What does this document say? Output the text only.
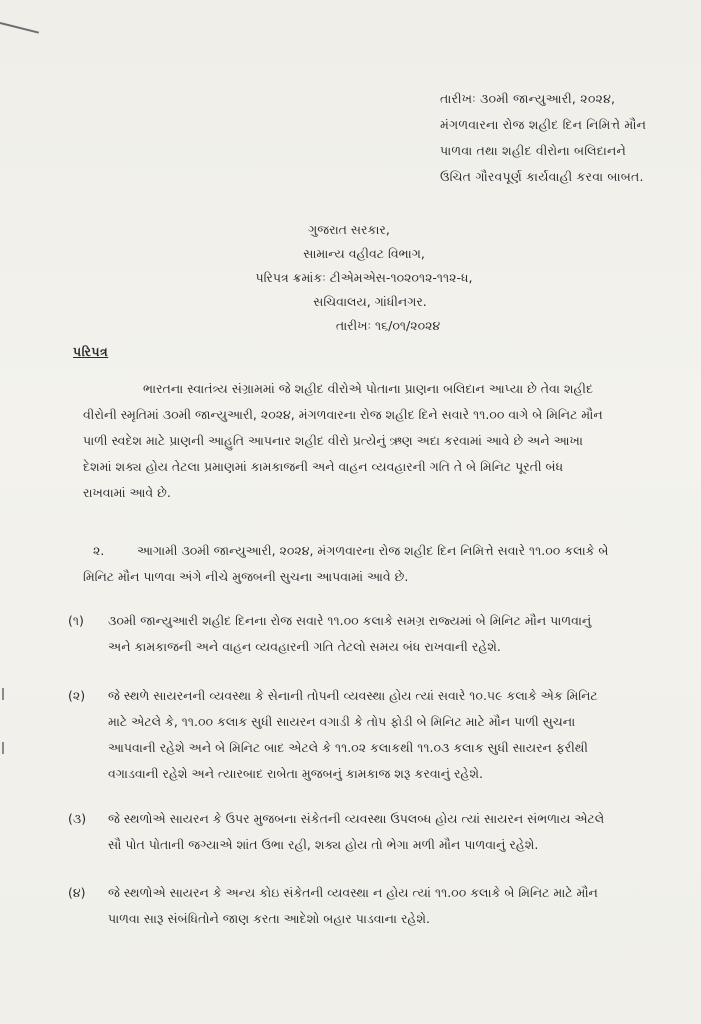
તારીખઃ ૩૦મી જાન્યુઆરી, ૨૦૨૪,
મંગળવારના રોજ શહીદ દિન નિમિત્તે મૌન
પાળવા તથા શહીદ વીરોના બલિદાનને
ઉચિત ગૌરવપૂર્ણ કાર્યવાહી કરવા બાબત.
ગુજરાત સરકાર,
સામાન્ય વહીવટ વિભાગ,
પરિપત્ર ક્રમાંકઃ ટીએમએસ-૧૦૨૦૧૨-૧૧૨-ધ,
સચિવાલય, ગાંધીનગર.
તારીખઃ ૧૬/૦૧/૨૦૨૪
પરિપત્ર
ભારતના સ્વાતંત્ર્ય સંગ્રામમાં જે શહીદ વીરોએ પોતાના પ્રાણના બલિદાન આપ્યા છે તેવા શહીદ
વીરોની સ્મૃતિમાં ૩૦મી જાન્યુઆરી, ૨૦૨૪, મંગળવારના રોજ શહીદ દિને સવારે ૧૧.૦૦ વાગે બે મિનિટ મૌન
પાળી સ્વદેશ માટે પ્રાણની આહુતિ આપનાર શહીદ વીરો પ્રત્યેનું ઋણ અદા કરવામાં આવે છે અને આખા
દેશમાં શક્ય હોય તેટલા પ્રમાણમાં કામકાજની અને વાહન વ્યવહારની ગતિ તે બે મિનિટ પૂરતી બંધ
રાખવામાં આવે છે.
૨.	આગામી ૩૦મી જાન્યુઆરી, ૨૦૨૪, મંગળવારના રોજ શહીદ દિન નિમિત્તે સવારે ૧૧.૦૦ કલાકે બે
મિનિટ મૌન પાળવા અંગે નીચે મુજબની સુચના આપવામાં આવે છે.
(૧)	૩૦મી જાન્યુઆરી શહીદ દિનના રોજ સવારે ૧૧.૦૦ કલાકે સમગ્ર રાજ્યમાં બે મિનિટ મૌન પાળવાનું
અને કામકાજની અને વાહન વ્યવહારની ગતિ તેટલો સમય બંધ રાખવાની રહેશે.
(૨)	જે સ્થળે સાયરનની વ્યવસ્થા કે સેનાની તોપની વ્યવસ્થા હોય ત્યાં સવારે ૧૦.૫૯ કલાકે એક મિનિટ
માટે એટલે કે, ૧૧.૦૦ કલાક સુધી સાયરન વગાડી કે તોપ ફોડી બે મિનિટ માટે મૌન પાળી સુચના
આપવાની રહેશે અને બે મિનિટ બાદ એટલે કે ૧૧.૦૨ કલાકથી ૧૧.૦૩ કલાક સુધી સાયરન ફરીથી
વગાડવાની રહેશે અને ત્યારબાદ રાબેતા મુજબનું કામકાજ શરૂ કરવાનું રહેશે.
(૩)	જે સ્થળોએ સાયરન કે ઉપર મુજબના સંકેતની વ્યવસ્થા ઉપલબ્ધ હોય ત્યાં સાયરન સંભળાય એટલે
સૌ પોત પોતાની જગ્યાએ શાંત ઉભા રહી, શક્ય હોય તો ભેગા મળી મૌન પાળવાનું રહેશે.
(૪)	જે સ્થળોએ સાયરન કે અન્ય કોઇ સંકેતની વ્યવસ્થા ન હોય ત્યાં ૧૧.૦૦ કલાકે બે મિનિટ માટે મૌન
પાળવા સારૂ સંબંધિતોને જાણ કરતા આદેશો બહાર પાડવાના રહેશે.
